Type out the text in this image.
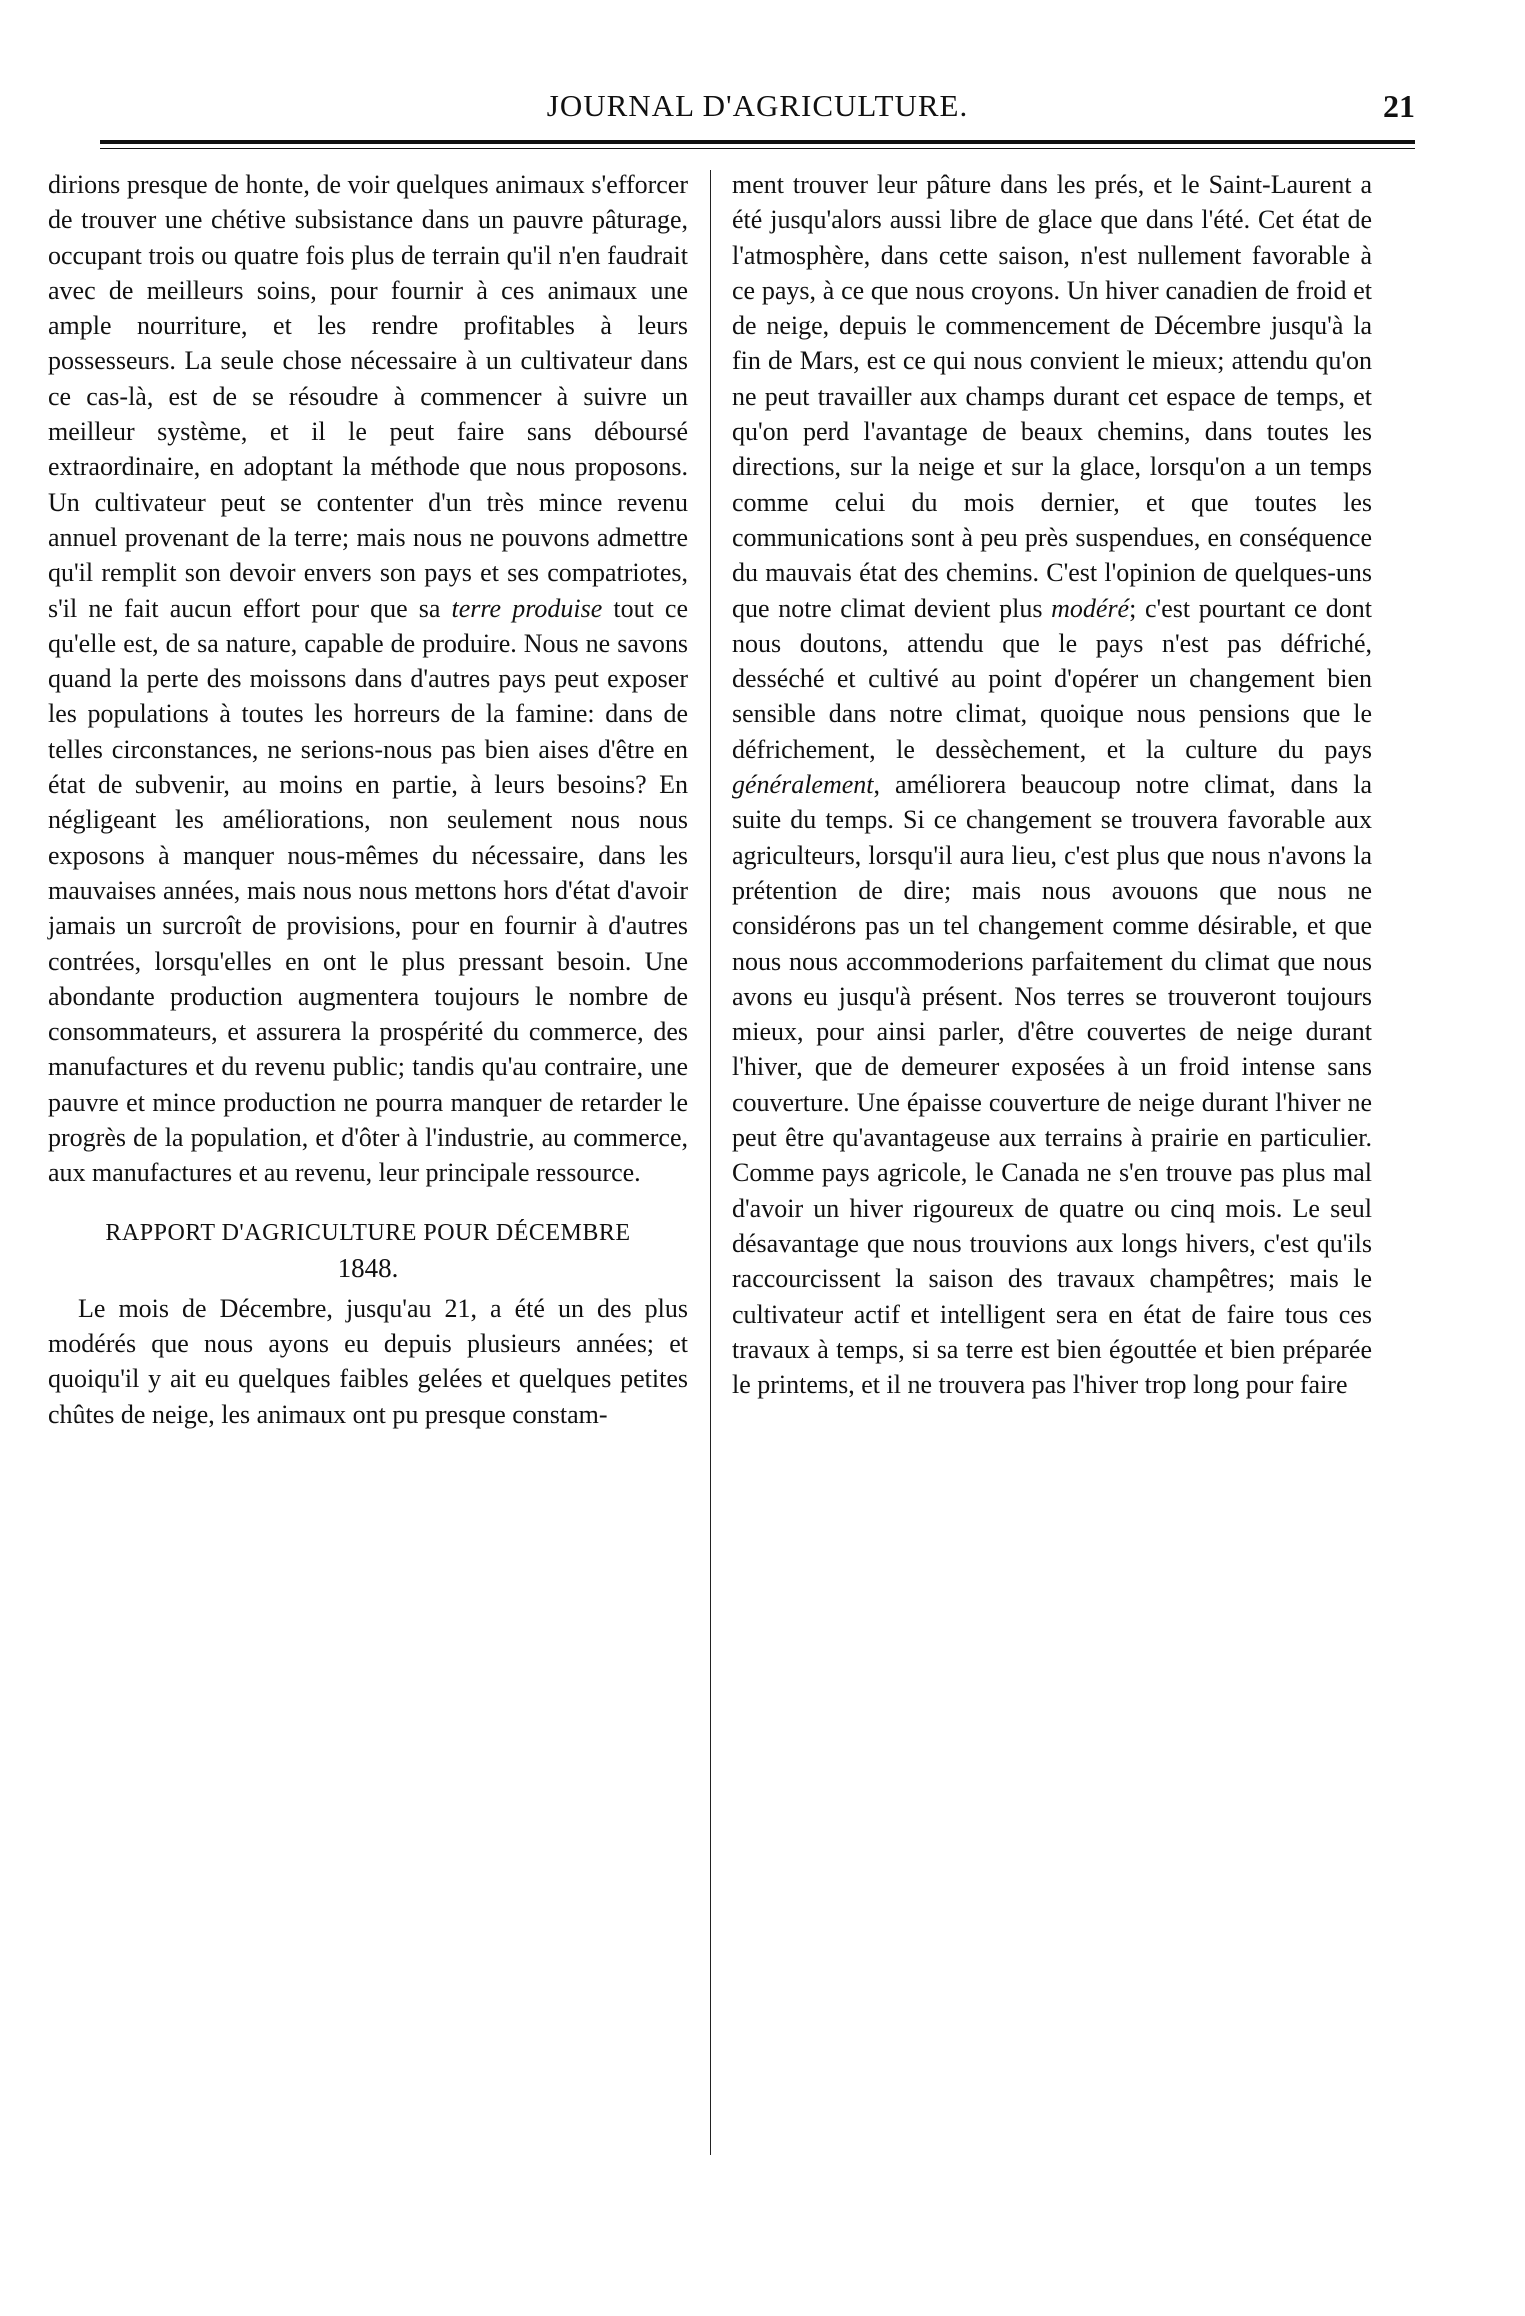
JOURNAL D'AGRICULTURE.	21

dirions presque de honte, de voir quelques animaux s'efforcer de trouver une chétive subsistance dans un pauvre pâturage, occupant trois ou quatre fois plus de terrain qu'il n'en faudrait avec de meilleurs soins, pour fournir à ces animaux une ample nourriture, et les rendre profitables à leurs possesseurs. La seule chose nécessaire à un cultivateur dans ce cas-là, est de se résoudre à commencer à suivre un meilleur système, et il le peut faire sans déboursé extraordinaire, en adoptant la méthode que nous proposons. Un cultivateur peut se contenter d'un très mince revenu annuel provenant de la terre; mais nous ne pouvons admettre qu'il remplit son devoir envers son pays et ses compatriotes, s'il ne fait aucun effort pour que sa terre produise tout ce qu'elle est, de sa nature, capable de produire. Nous ne savons quand la perte des moissons dans d'autres pays peut exposer les populations à toutes les horreurs de la famine: dans de telles circonstances, ne serions-nous pas bien aises d'être en état de subvenir, au moins en partie, à leurs besoins? En négligeant les améliorations, non seulement nous nous exposons à manquer nous-mêmes du nécessaire, dans les mauvaises années, mais nous nous mettons hors d'état d'avoir jamais un surcroît de provisions, pour en fournir à d'autres contrées, lorsqu'elles en ont le plus pressant besoin. Une abondante production augmentera toujours le nombre de consommateurs, et assurera la prospérité du commerce, des manufactures et du revenu public; tandis qu'au contraire, une pauvre et mince production ne pourra manquer de retarder le progrès de la population, et d'ôter à l'industrie, au commerce, aux manufactures et au revenu, leur principale ressource.

RAPPORT D'AGRICULTURE POUR DÉCEMBRE

1848.

Le mois de Décembre, jusqu'au 21, a été un des plus modérés que nous ayons eu depuis plusieurs années; et quoiqu'il y ait eu quelques faibles gelées et quelques petites chûtes de neige, les animaux ont pu presque constam-

ment trouver leur pâture dans les prés, et le Saint-Laurent a été jusqu'alors aussi libre de glace que dans l'été. Cet état de l'atmosphère, dans cette saison, n'est nullement favorable à ce pays, à ce que nous croyons. Un hiver canadien de froid et de neige, depuis le commencement de Décembre jusqu'à la fin de Mars, est ce qui nous convient le mieux; attendu qu'on ne peut travailler aux champs durant cet espace de temps, et qu'on perd l'avantage de beaux chemins, dans toutes les directions, sur la neige et sur la glace, lorsqu'on a un temps comme celui du mois dernier, et que toutes les communications sont à peu près suspendues, en conséquence du mauvais état des chemins. C'est l'opinion de quelques-uns que notre climat devient plus modéré; c'est pourtant ce dont nous doutons, attendu que le pays n'est pas défriché, desséché et cultivé au point d'opérer un changement bien sensible dans notre climat, quoique nous pensions que le défrichement, le dessèchement, et la culture du pays généralement, améliorera beaucoup notre climat, dans la suite du temps. Si ce changement se trouvera favorable aux agriculteurs, lorsqu'il aura lieu, c'est plus que nous n'avons la prétention de dire; mais nous avouons que nous ne considérons pas un tel changement comme désirable, et que nous nous accommoderions parfaitement du climat que nous avons eu jusqu'à présent. Nos terres se trouveront toujours mieux, pour ainsi parler, d'être couvertes de neige durant l'hiver, que de demeurer exposées à un froid intense sans couverture. Une épaisse couverture de neige durant l'hiver ne peut être qu'avantageuse aux terrains à prairie en particulier. Comme pays agricole, le Canada ne s'en trouve pas plus mal d'avoir un hiver rigoureux de quatre ou cinq mois. Le seul désavantage que nous trouvions aux longs hivers, c'est qu'ils raccourcissent la saison des travaux champêtres; mais le cultivateur actif et intelligent sera en état de faire tous ces travaux à temps, si sa terre est bien égouttée et bien préparée le printems, et il ne trouvera pas l'hiver trop long pour faire
